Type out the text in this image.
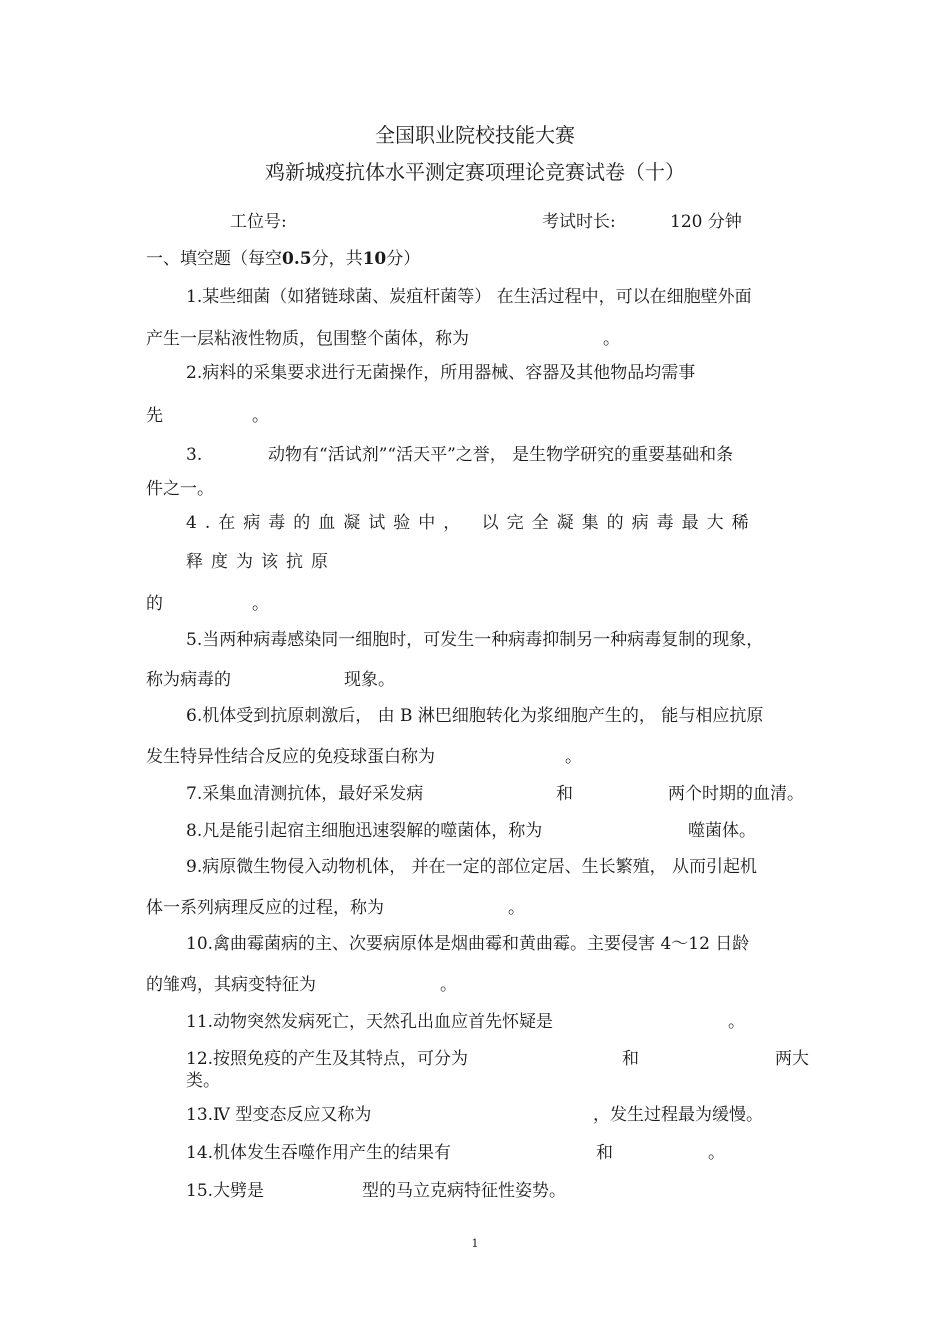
全国职业院校技能大赛
鸡新城疫抗体水平测定赛项理论竞赛试卷（十）
工位号:	考试时长:	120 分钟
一、填空题（每空0.5分，共10分）
1.某些细菌（如猪链球菌、炭疽杆菌等） 在生活过程中，可以在细胞壁外面
产生一层粘液性物质，包围整个菌体，称为	。
2.病料的采集要求进行无菌操作，所用器械、容器及其他物品均需事
先	。
3.	动物有“活试剂”“活天平”之誉， 是生物学研究的重要基础和条
件之一。
4.在病毒的血凝试验中， 以完全凝集的病毒最大稀
释度为该抗原
的	。
5.当两种病毒感染同一细胞时，可发生一种病毒抑制另一种病毒复制的现象，
称为病毒的	现象。
6.机体受到抗原刺激后， 由 B 淋巴细胞转化为浆细胞产生的， 能与相应抗原
发生特异性结合反应的免疫球蛋白称为	。
7.采集血清测抗体，最好采发病	和	两个时期的血清。
8.凡是能引起宿主细胞迅速裂解的噬菌体，称为	噬菌体。
9.病原微生物侵入动物机体， 并在一定的部位定居、生长繁殖， 从而引起机
体一系列病理反应的过程，称为	。
10.禽曲霉菌病的主、次要病原体是烟曲霉和黄曲霉。主要侵害 4～12 日龄
的雏鸡，其病变特征为	。
11.动物突然发病死亡，天然孔出血应首先怀疑是	。
12.按照免疫的产生及其特点，可分为	和	两大
类。
13.Ⅳ 型变态反应又称为	，发生过程最为缓慢。
14.机体发生吞噬作用产生的结果有	和	。
15.大劈是	型的马立克病特征性姿势。
1
